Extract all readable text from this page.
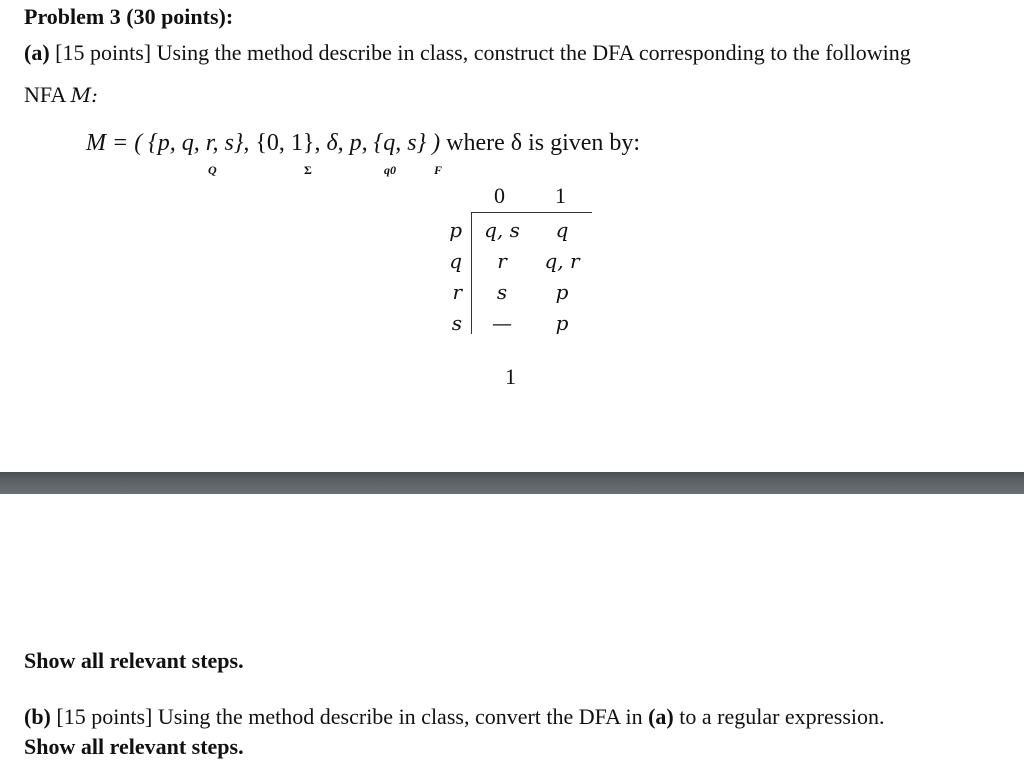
Problem 3 (30 points):
(a) [15 points] Using the method describe in class, construct the DFA corresponding to the following
NFA M:
M = ( {p, q, r, s}, {0, 1}, δ, p, {q, s} ) where δ is given by:
Q	Σ	q0	F
0 1
p	q, s	q
q	r	q, r
r	s	p
s	—	p
1
Show all relevant steps.
(b) [15 points] Using the method describe in class, convert the DFA in (a) to a regular expression.
Show all relevant steps.
